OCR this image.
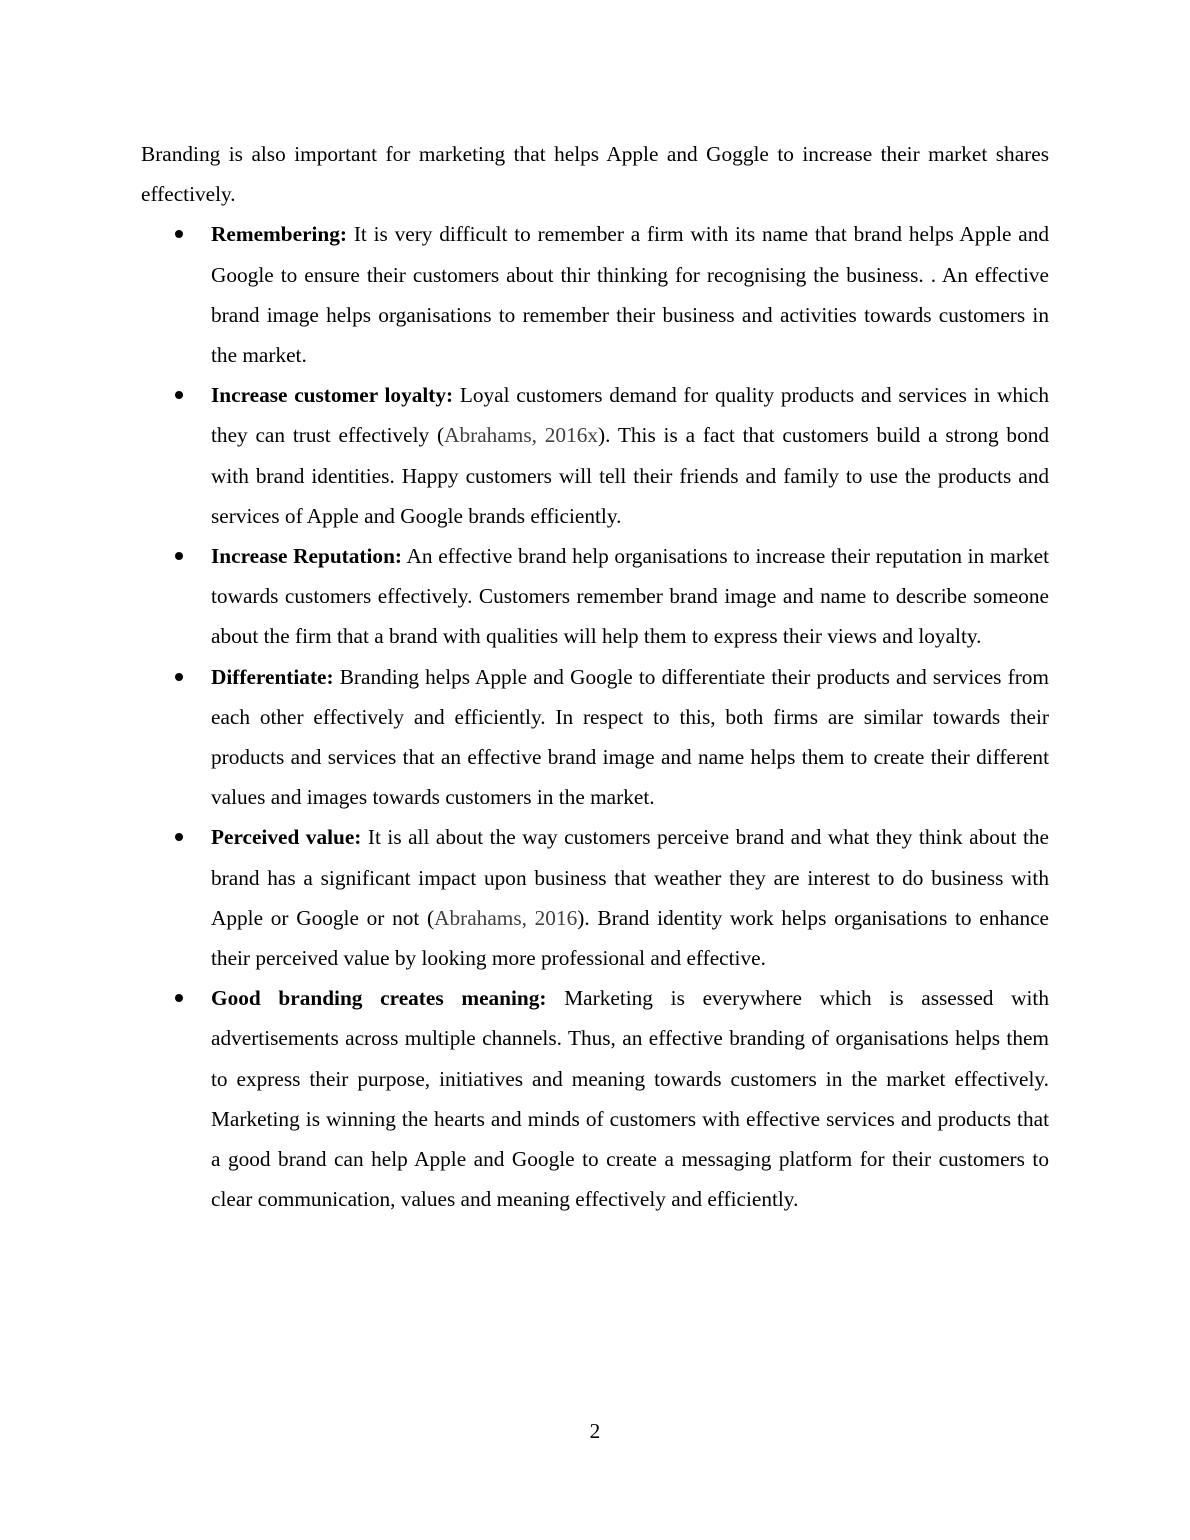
Branding is also important for marketing that helps Apple and Goggle to increase their market shares effectively.

Remembering: It is very difficult to remember a firm with its name that brand helps Apple and Google to ensure their customers about thir thinking for recognising the business. . An effective brand image helps organisations to remember their business and activities towards customers in the market.
Increase customer loyalty: Loyal customers demand for quality products and services in which they can trust effectively (Abrahams, 2016x). This is a fact that customers build a strong bond with brand identities. Happy customers will tell their friends and family to use the products and services of Apple and Google brands efficiently.
Increase Reputation: An effective brand help organisations to increase their reputation in market towards customers effectively. Customers remember brand image and name to describe someone about the firm that a brand with qualities will help them to express their views and loyalty.
Differentiate: Branding helps Apple and Google to differentiate their products and services from each other effectively and efficiently. In respect to this, both firms are similar towards their products and services that an effective brand image and name helps them to create their different values and images towards customers in the market.
Perceived value: It is all about the way customers perceive brand and what they think about the brand has a significant impact upon business that weather they are interest to do business with Apple or Google or not (Abrahams, 2016). Brand identity work helps organisations to enhance their perceived value by looking more professional and effective.
Good branding creates meaning: Marketing is everywhere which is assessed with advertisements across multiple channels. Thus, an effective branding of organisations helps them to express their purpose, initiatives and meaning towards customers in the market effectively. Marketing is winning the hearts and minds of customers with effective services and products that a good brand can help Apple and Google to create a messaging platform for their customers to clear communication, values and meaning effectively and efficiently.
2
